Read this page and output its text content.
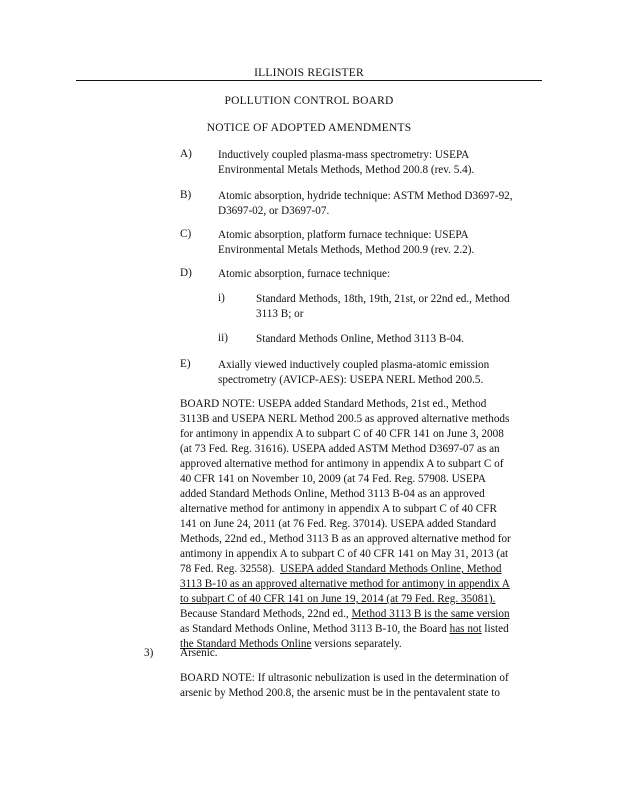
ILLINOIS REGISTER
POLLUTION CONTROL BOARD
NOTICE OF ADOPTED AMENDMENTS
A) Inductively coupled plasma-mass spectrometry: USEPA
Environmental Metals Methods, Method 200.8 (rev. 5.4).
B) Atomic absorption, hydride technique: ASTM Method D3697-92,
D3697-02, or D3697-07.
C) Atomic absorption, platform furnace technique: USEPA
Environmental Metals Methods, Method 200.9 (rev. 2.2).
D) Atomic absorption, furnace technique:
i)	Standard Methods, 18th, 19th, 21st, or 22nd ed., Method
3113 B; or
ii)	Standard Methods Online, Method 3113 B-04.
E) Axially viewed inductively coupled plasma-atomic emission
spectrometry (AVICP-AES): USEPA NERL Method 200.5.
BOARD NOTE: USEPA added Standard Methods, 21st ed., Method
3113B and USEPA NERL Method 200.5 as approved alternative methods
for antimony in appendix A to subpart C of 40 CFR 141 on June 3, 2008
(at 73 Fed. Reg. 31616). USEPA added ASTM Method D3697-07 as an
approved alternative method for antimony in appendix A to subpart C of
40 CFR 141 on November 10, 2009 (at 74 Fed. Reg. 57908. USEPA
added Standard Methods Online, Method 3113 B-04 as an approved
alternative method for antimony in appendix A to subpart C of 40 CFR
141 on June 24, 2011 (at 76 Fed. Reg. 37014). USEPA added Standard
Methods, 22nd ed., Method 3113 B as an approved alternative method for
antimony in appendix A to subpart C of 40 CFR 141 on May 31, 2013 (at
78 Fed. Reg. 32558). USEPA added Standard Methods Online, Method
3113 B-10 as an approved alternative method for antimony in appendix A
to subpart C of 40 CFR 141 on June 19, 2014 (at 79 Fed. Reg. 35081).
Because Standard Methods, 22nd ed., Method 3113 B is the same version
as Standard Methods Online, Method 3113 B-10, the Board has not listed
the Standard Methods Online versions separately.
3) Arsenic.
BOARD NOTE: If ultrasonic nebulization is used in the determination of
arsenic by Method 200.8, the arsenic must be in the pentavalent state to
